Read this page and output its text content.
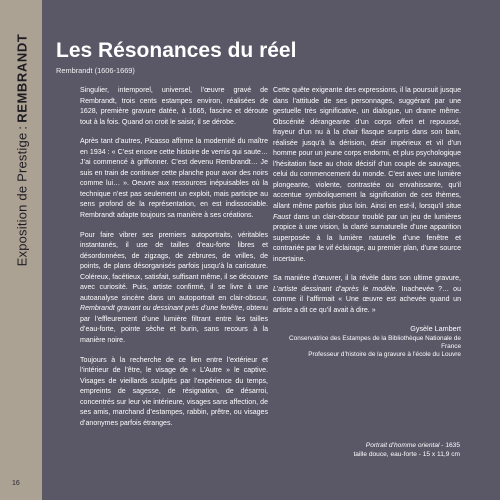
Exposition de Prestige:REMBRANDT
16
Les Résonances du réel
Rembrandt (1606-1669)

Singulier, intemporel, universel, l’œuvre gravé de Rembrandt, trois cents estampes environ, réalisées de 1628, première gravure datée, à 1665, fascine et déroute tout à la fois. Quand on croit le saisir, il se dérobe.

Après tant d’autres, Picasso affirme la modernité du maître en 1934 : « C’est encore cette histoire de vernis qui saute… J’ai commencé à griffonner. C’est devenu Rembrandt… Je suis en train de continuer cette planche pour avoir des noirs comme lui… ». Oeuvre aux ressources inépuisables où la technique n’est pas seulement un exploit, mais participe au sens profond de la représentation, en est indissociable. Rembrandt adapte toujours sa manière à ses créations.

Pour faire vibrer ses premiers autoportraits, véritables instantanés, il use de tailles d’eau-forte libres et désordonnées, de zigzags, de zébrures, de vrilles, de points, de plans désorganisés parfois jusqu’à la caricature. Coléreux, facétieux, satisfait, suffisant même, il se découvre avec curiosité. Puis, artiste confirmé, il se livre à une autoanalyse sincère dans un autoportrait en clair-obscur, Rembrandt gravant ou dessinant près d’une fenêtre, obtenu par l’effleurement d’une lumière filtrant entre les tailles d’eau-forte, pointe sèche et burin, sans recours à la manière noire.

Toujours à la recherche de ce lien entre l’extérieur et l’intérieur de l’être, le visage de « L’Autre » le captive. Visages de vieillards sculptés par l’expérience du temps, empreints de sagesse, de résignation, de désarroi, concentrés sur leur vie intérieure, visages sans affection, de ses amis, marchand d’estampes, rabbin, prêtre, ou visages d’anonymes parfois étranges.

Cette quête exigeante des expressions, il la poursuit jusque dans l’attitude de ses personnages, suggérant par une gestuelle très significative, un dialogue, un drame même. Obscénité dérangeante d’un corps offert et repoussé, frayeur d’un nu à la chair flasque surpris dans son bain, réalisée jusqu’à la dérision, désir impérieux et vil d’un homme pour un jeune corps endormi, et plus psychologique l’hésitation face au choix décisif d’un couple de sauvages, celui du commencement du monde. C’est avec une lumière plongeante, violente, contrastée ou envahissante, qu’il accentue symboliquement la signification de ces thèmes, allant même parfois plus loin. Ainsi en est-il, lorsqu’il situe Faust dans un clair-obscur troublé par un jeu de lumières propice à une vision, la clarté surnaturelle d’une apparition superposée à la lumière naturelle d’une fenêtre et contrariée par le vif éclairage, au premier plan, d’une source incertaine.

Sa manière d’œuvrer, il la révèle dans son ultime gravure, L’artiste dessinant d’après le modèle. Inachevée ?… ou comme il l’affirmait « Une œuvre est achevée quand un artiste a dit ce qu’il avait à dire. »

Gysèle Lambert
Conservatrice des Estampes de la Bibliothèque Nationale de France
Professeur d’histoire de la gravure à l’école du Louvre
Portrait d’homme oriental - 1635
taille douce, eau-forte - 15 x 11,9 cm
